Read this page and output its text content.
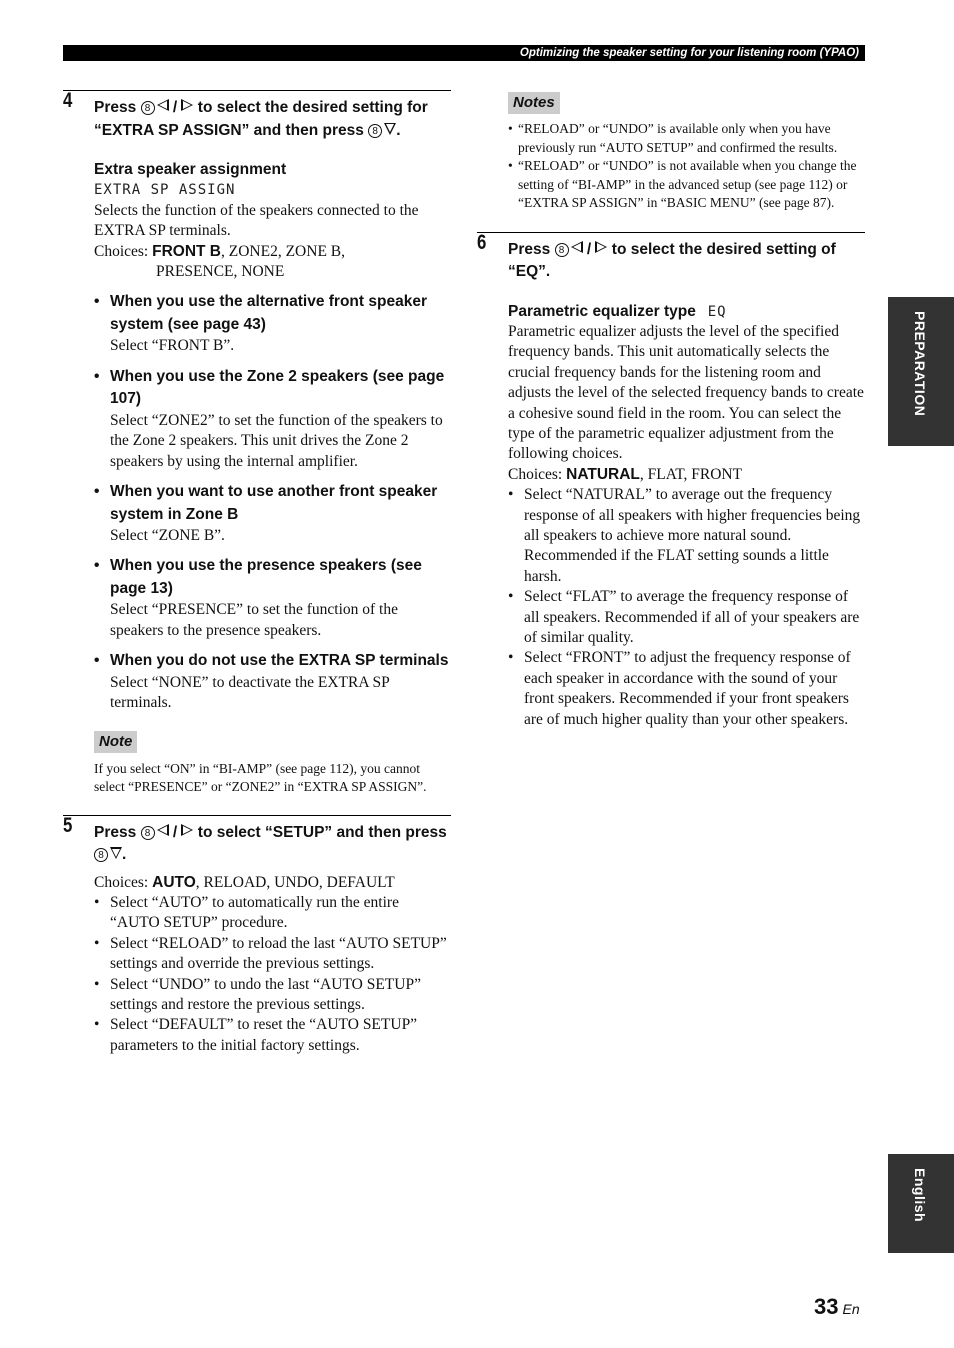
Optimizing the speaker setting for your listening room (YPAO)
4 Press 8 / to select the desired setting for “EXTRA SP ASSIGN” and then press 8 .
Extra speaker assignment
EXTRA SP ASSIGN
Selects the function of the speakers connected to the EXTRA SP terminals.
Choices: FRONT B, ZONE2, ZONE B,
PRESENCE, NONE
• When you use the alternative front speaker system (see page 43)
Select “FRONT B”.
• When you use the Zone 2 speakers (see page 107)
Select “ZONE2” to set the function of the speakers to the Zone 2 speakers. This unit drives the Zone 2 speakers by using the internal amplifier.
• When you want to use another front speaker system in Zone B
Select “ZONE B”.
• When you use the presence speakers (see page 13)
Select “PRESENCE” to set the function of the speakers to the presence speakers.
• When you do not use the EXTRA SP terminals
Select “NONE” to deactivate the EXTRA SP terminals.
Note
If you select “ON” in “BI-AMP” (see page 112), you cannot select “PRESENCE” or “ZONE2” in “EXTRA SP ASSIGN”.
5 Press 8 / to select “SETUP” and then press 8 .
Choices: AUTO, RELOAD, UNDO, DEFAULT
• Select “AUTO” to automatically run the entire “AUTO SETUP” procedure.
• Select “RELOAD” to reload the last “AUTO SETUP” settings and override the previous settings.
• Select “UNDO” to undo the last “AUTO SETUP” settings and restore the previous settings.
• Select “DEFAULT” to reset the “AUTO SETUP” parameters to the initial factory settings.
Notes
• “RELOAD” or “UNDO” is available only when you have previously run “AUTO SETUP” and confirmed the results.
• “RELOAD” or “UNDO” is not available when you change the setting of “BI-AMP” in the advanced setup (see page 112) or “EXTRA SP ASSIGN” in “BASIC MENU” (see page 87).
6 Press 8 / to select the desired setting of “EQ”.
Parametric equalizer type EQ
Parametric equalizer adjusts the level of the specified frequency bands. This unit automatically selects the crucial frequency bands for the listening room and adjusts the level of the selected frequency bands to create a cohesive sound field in the room. You can select the type of the parametric equalizer adjustment from the following choices.
Choices: NATURAL, FLAT, FRONT
• Select “NATURAL” to average out the frequency response of all speakers with higher frequencies being all speakers to achieve more natural sound. Recommended if the FLAT setting sounds a little harsh.
• Select “FLAT” to average the frequency response of all speakers. Recommended if all of your speakers are of similar quality.
• Select “FRONT” to adjust the frequency response of each speaker in accordance with the sound of your front speakers. Recommended if your front speakers are of much higher quality than your other speakers.
PREPARATION
English
33 En
